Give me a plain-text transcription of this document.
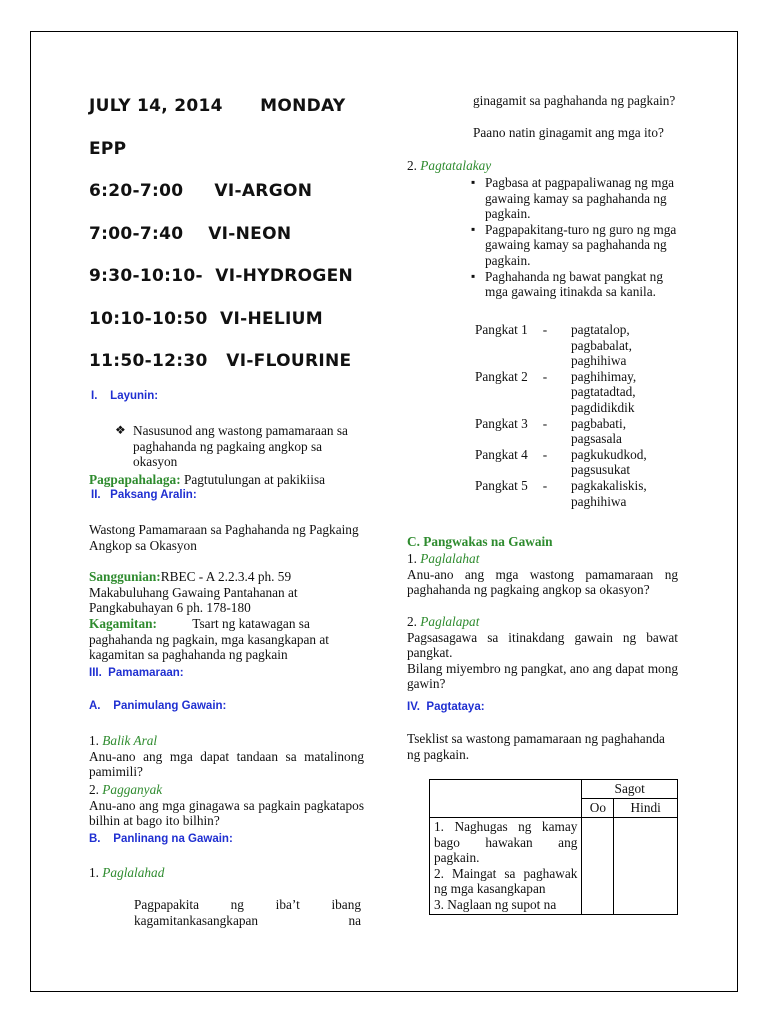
JULY 14, 2014      MONDAY
EPP
6:20-7:00     VI-ARGON
7:00-7:40    VI-NEON
9:30-10:10-  VI-HYDROGEN
10:10-10:50  VI-HELIUM
11:50-12:30   VI-FLOURINE
I.    Layunin:
❖ Nasusunod ang wastong pamamaraan sa paghahanda ng pagkaing angkop sa okasyon
Pagpapahalaga: Pagtutulungan at pakikiisa
II.   Paksang Aralin:
Wastong Pamamaraan sa Paghahanda ng Pagkaing Angkop sa Okasyon
Sanggunian:RBEC - A 2.2.3.4 ph. 59
Makabuluhang Gawaing Pantahanan at Pangkabuhayan 6 ph. 178-180
Kagamitan:	Tsart ng katawagan sa paghahanda ng pagkain, mga kasangkapan at kagamitan sa paghahanda ng pagkain
III.  Pamamaraan:
A.    Panimulang Gawain:
1. Balik Aral
Anu-ano ang mga dapat tandaan sa matalinong pamimili?
2. Pagganyak
Anu-ano ang mga ginagawa sa pagkain pagkatapos bilhin at bago ito bilhin?
B.    Panlinang na Gawain:
1. Paglalahad
Pagpapakita ng iba’t ibang kagamitankasangkapan na
ginagamit sa paghahanda ng pagkain?
Paano natin ginagamit ang mga ito?
2. Pagtatalakay
▪ Pagbasa at pagpapaliwanag ng mga gawaing kamay sa paghahanda ng pagkain.
▪ Pagpapakitang-turo ng guro ng mga gawaing kamay sa paghahanda ng pagkain.
▪ Paghahanda ng bawat pangkat ng mga gawaing itinakda sa kanila.
Pangkat 1	-	pagtatalop,
pagbabalat,
paghihiwa
Pangkat 2	-	paghihimay,
pagtatadtad,
pagdidikdik
Pangkat 3	-	pagbabati,
pagsasala
Pangkat 4	-	pagkukudkod,
pagsusukat
Pangkat 5	-	pagkakaliskis,
paghihiwa
C. Pangwakas na Gawain
1. Paglalahat
Anu-ano ang mga wastong pamamaraan ng paghahanda ng pagkaing angkop sa okasyon?
2. Paglalapat
Pagsasagawa sa itinakdang gawain ng bawat pangkat.
Bilang miyembro ng pangkat, ano ang dapat mong gawin?
IV.  Pagtataya:
Tseklist sa wastong pamamaraan ng paghahanda ng pagkain.
	Sagot	
	Oo	Hindi

1. Naghugas ng kamay bago hawakan ang pagkain.
2. Maingat sa paghawak ng mga kasangkapan
3. Naglaan ng supot na		
